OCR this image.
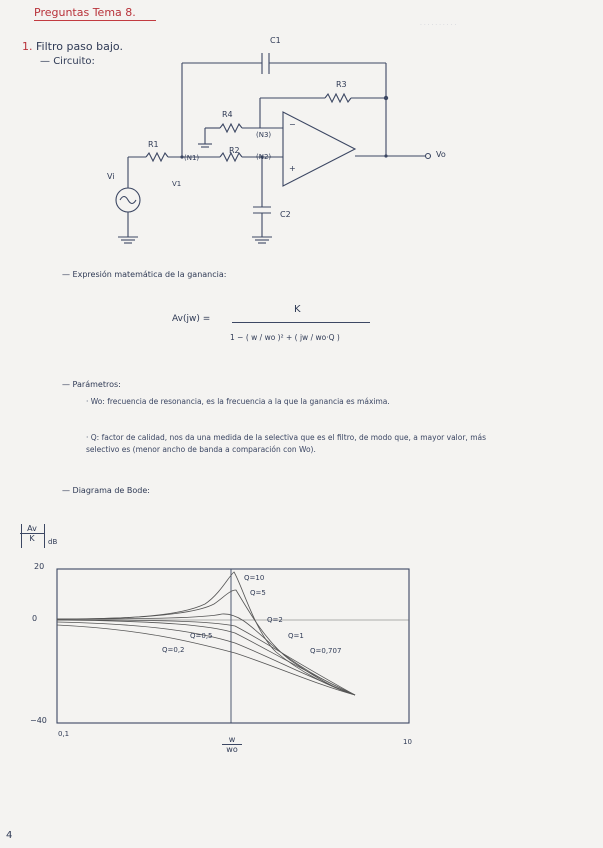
· · · · · · · · · ·
Preguntas Tema 8.
1. Filtro paso bajo.
— Circuito:
C1
R3
R4
R1
R2
(N1)
(N3)
(N2)
−
+
Vi
V1
Vo
C2
— Expresión matemática de la ganancia:
Av(jw) =
K
1 − ( w / wo )² + ( jw / wo·Q )
— Parámetros:
· Wo: frecuencia de resonancia, es la frecuencia a la que la ganancia es máxima.
· Q: factor de calidad, nos da una medida de la selectiva que es el filtro, de modo que, a mayor valor, más selectivo es (menor ancho de banda a comparación con Wo).
— Diagrama de Bode:
$\frac{Av}{K}$ dB
20
0
−40
0,1
10
$\frac{w}{wo}$
Q=10
Q=5
Q=2
Q=1
Q=0,707
Q=0,5
Q=0,2
4
